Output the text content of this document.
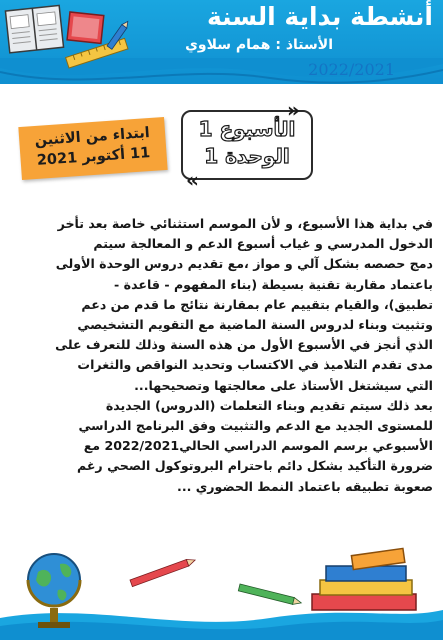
أنشطة بداية السنة
الأستاذ : همام سلاوي
2022/2021
ابتداء من الاثنين
11 أكتوبر 2021
الأسبوع 1
الوحدة 1
«
»
في بداية هذا الأسبوع، و لأن الموسم استثنائي خاصة بعد تأخر
الدخول المدرسي و غياب أسبوع الدعم و المعالجة سيتم
دمج حصصه بشكل آلي و مواز ،مع تقديم دروس الوحدة الأولى
باعتماد مقاربة تقنية بسيطة (بناء المفهوم - قاعدة -
تطبيق)، والقيام بتقييم عام بمقارنة نتائج ما قدم من دعم
وتثبيت وبناء لدروس السنة الماضية مع التقويم التشخيصي
الذي أنجز في الأسبوع الأول من هذه السنة وذلك للتعرف على
مدى تقدم التلاميذ في الاكتساب وتحديد النواقص والثغرات
التي سيشتغل الأستاذ على معالجتها وتصحيحها...
بعد ذلك سيتم تقديم وبناء التعلمات (الدروس) الجديدة
للمستوى الجديد مع الدعم والتثبيت وفق البرنامج الدراسي
الأسبوعي برسم الموسم الدراسي الحالي2022/2021 مع
ضرورة التأكيد بشكل دائم باحترام البروتوكول الصحي رغم
صعوبة تطبيقه باعتماد النمط الحضوري ...
